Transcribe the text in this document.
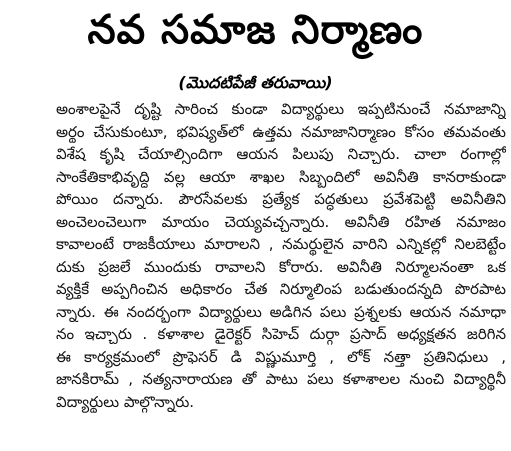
నవ సమాజ నిర్మాణం
(మొదటిపేజీ తరువాయి)
అంశాలపైనే దృష్టి సారించ కుండా విద్యార్థులు ఇప్పటినుంచే నమాజాన్ని
అర్థం చేసుకుంటూ, భవిష్యత్‌లో ఉత్తమ నమాజానిర్మాణం కోసం తమవంతు
విశేష కృషి చేయాల్సిందిగా ఆయన పిలుపు నిచ్చారు. చాలా రంగాల్లో
సాంకేతికాభివృద్ధి వల్ల ఆయా శాఖల సిబ్బందిలో అవినీతి కానరాకుండా
పోయిం దన్నారు. పౌరసేవలకు ప్రత్యేక పద్ధతులు ప్రవేశపెట్టి అవినీతిని
అంచెలంచెలుగా మాయం చెయ్యవచ్చన్నారు. అవినీతి రహిత నమాజం
కావాలంటే రాజకీయాలు మారాలని , నమర్థులైన వారిని ఎన్నికల్లో నిలబెట్టేం
దుకు ప్రజలే ముందుకు రావాలని కోరారు. అవినీతి నిర్మూలనంతా ఒక
వ్యక్తికే అప్పగించిన అధికారం చేత నిర్మూలింప బడుతుందన్నది పొరపాట
న్నారు. ఈ నందర్భంగా విద్యార్థులు అడిగిన పలు ప్రశ్నలకు ఆయన నమాధా
నం ఇచ్చారు . కళాశాల డైరెక్టర్ సిహెచ్ దుర్గా ప్రసాద్ అధ్యక్షతన జరిగిన
ఈ కార్యక్రమంలో ప్రొఫెసర్ డి విష్ణుమూర్తి , లోక్ నత్తా ప్రతినిధులు ,
జానకిరామ్ , నత్యనారాయణ తో పాటు పలు కళాశాలల నుంచి విద్యార్థినీ
విద్యార్థులు పాల్గొన్నారు.
